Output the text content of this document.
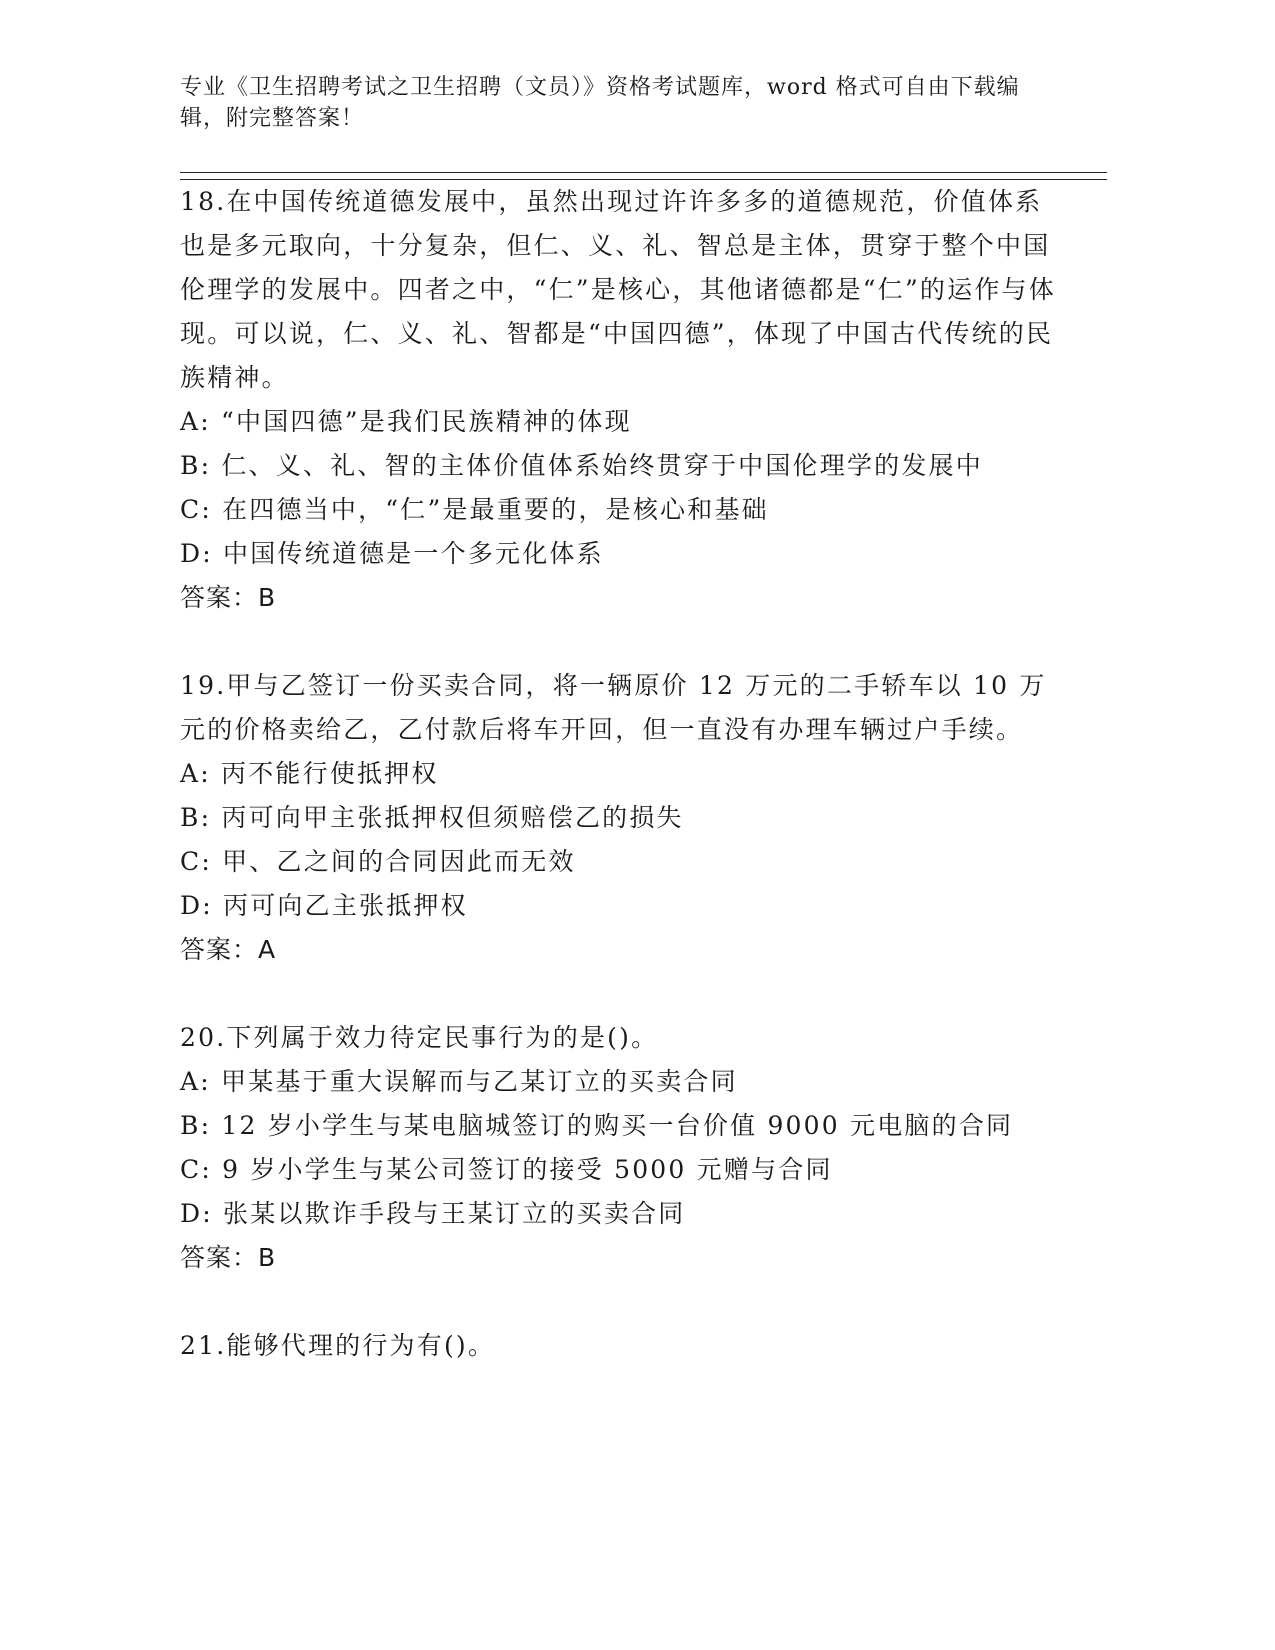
专业《卫生招聘考试之卫生招聘（文员）》资格考试题库，word 格式可自由下载编辑，附完整答案！

18.在中国传统道德发展中，虽然出现过许许多多的道德规范，价值体系也是多元取向，十分复杂，但仁、义、礼、智总是主体，贯穿于整个中国伦理学的发展中。四者之中，“仁”是核心，其他诸德都是“仁”的运作与体现。可以说，仁、义、礼、智都是“中国四德”，体现了中国古代传统的民族精神。

A: “中国四德”是我们民族精神的体现

B: 仁、义、礼、智的主体价值体系始终贯穿于中国伦理学的发展中

C: 在四德当中，“仁”是最重要的，是核心和基础

D: 中国传统道德是一个多元化体系

答案：B

19.甲与乙签订一份买卖合同，将一辆原价 12 万元的二手轿车以 10 万元的价格卖给乙，乙付款后将车开回，但一直没有办理车辆过户手续。

A: 丙不能行使抵押权

B: 丙可向甲主张抵押权但须赔偿乙的损失

C: 甲、乙之间的合同因此而无效

D: 丙可向乙主张抵押权

答案：A

20.下列属于效力待定民事行为的是()。

A: 甲某基于重大误解而与乙某订立的买卖合同

B: 12 岁小学生与某电脑城签订的购买一台价值 9000 元电脑的合同

C: 9 岁小学生与某公司签订的接受 5000 元赠与合同

D: 张某以欺诈手段与王某订立的买卖合同

答案：B

21.能够代理的行为有()。
